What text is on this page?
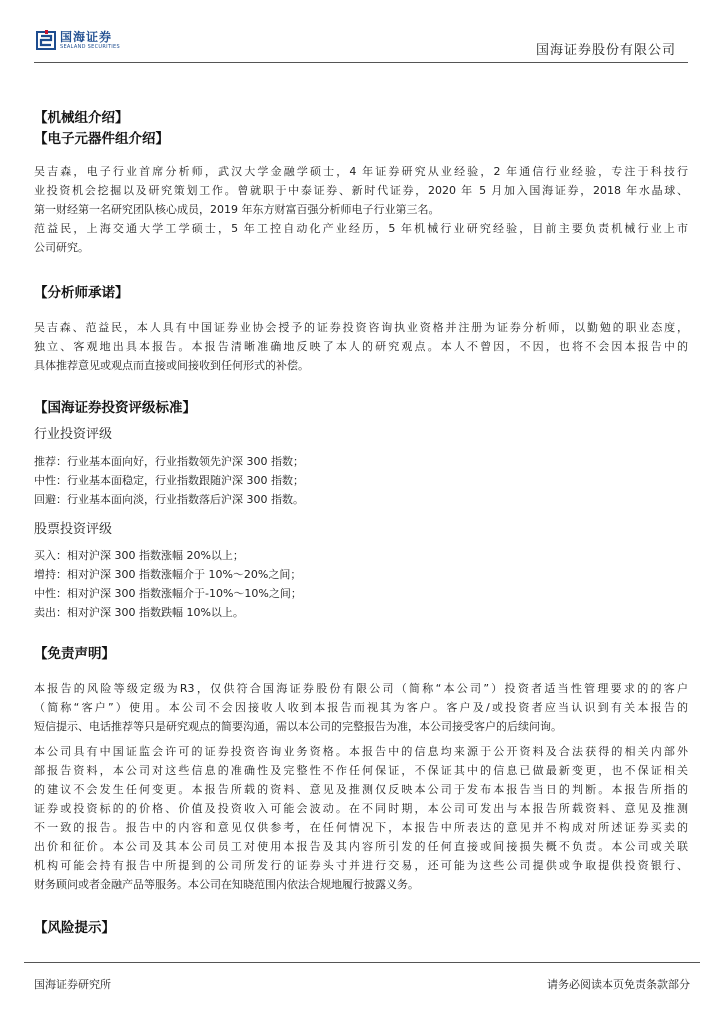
国海证券
SEALAND SECURITIES	国海证券股份有限公司
【机械组介绍】
【电子元器件组介绍】
吴吉森，电子行业首席分析师，武汉大学金融学硕士，4 年证券研究从业经验，2 年通信行业经验，专注于科技行
业投资机会挖掘以及研究策划工作。曾就职于中泰证券、新时代证券，2020 年 5 月加入国海证券，2018 年水晶球、
第一财经第一名研究团队核心成员，2019 年东方财富百强分析师电子行业第三名。
范益民，上海交通大学工学硕士，5 年工控自动化产业经历，5 年机械行业研究经验，目前主要负责机械行业上市
公司研究。
【分析师承诺】
吴吉森、范益民，本人具有中国证券业协会授予的证券投资咨询执业资格并注册为证券分析师，以勤勉的职业态度，
独立、客观地出具本报告。本报告清晰准确地反映了本人的研究观点。本人不曾因，不因，也将不会因本报告中的
具体推荐意见或观点而直接或间接收到任何形式的补偿。
【国海证券投资评级标准】
行业投资评级
推荐：行业基本面向好，行业指数领先沪深 300 指数；
中性：行业基本面稳定，行业指数跟随沪深 300 指数；
回避：行业基本面向淡，行业指数落后沪深 300 指数。
股票投资评级
买入：相对沪深 300 指数涨幅 20%以上；
增持：相对沪深 300 指数涨幅介于 10%～20%之间；
中性：相对沪深 300 指数涨幅介于-10%～10%之间；
卖出：相对沪深 300 指数跌幅 10%以上。
【免责声明】
本报告的风险等级定级为R3，仅供符合国海证券股份有限公司（简称“本公司”）投资者适当性管理要求的的客户
（简称“客户”）使用。本公司不会因接收人收到本报告而视其为客户。客户及/或投资者应当认识到有关本报告的
短信提示、电话推荐等只是研究观点的简要沟通，需以本公司的完整报告为准，本公司接受客户的后续问询。
本公司具有中国证监会许可的证券投资咨询业务资格。本报告中的信息均来源于公开资料及合法获得的相关内部外
部报告资料，本公司对这些信息的准确性及完整性不作任何保证，不保证其中的信息已做最新变更，也不保证相关
的建议不会发生任何变更。本报告所载的资料、意见及推测仅反映本公司于发布本报告当日的判断。本报告所指的
证券或投资标的的价格、价值及投资收入可能会波动。在不同时期，本公司可发出与本报告所载资料、意见及推测
不一致的报告。报告中的内容和意见仅供参考，在任何情况下，本报告中所表达的意见并不构成对所述证券买卖的
出价和征价。本公司及其本公司员工对使用本报告及其内容所引发的任何直接或间接损失概不负责。本公司或关联
机构可能会持有报告中所提到的公司所发行的证券头寸并进行交易，还可能为这些公司提供或争取提供投资银行、
财务顾问或者金融产品等服务。本公司在知晓范围内依法合规地履行披露义务。
【风险提示】
国海证券研究所	请务必阅读本页免责条款部分
